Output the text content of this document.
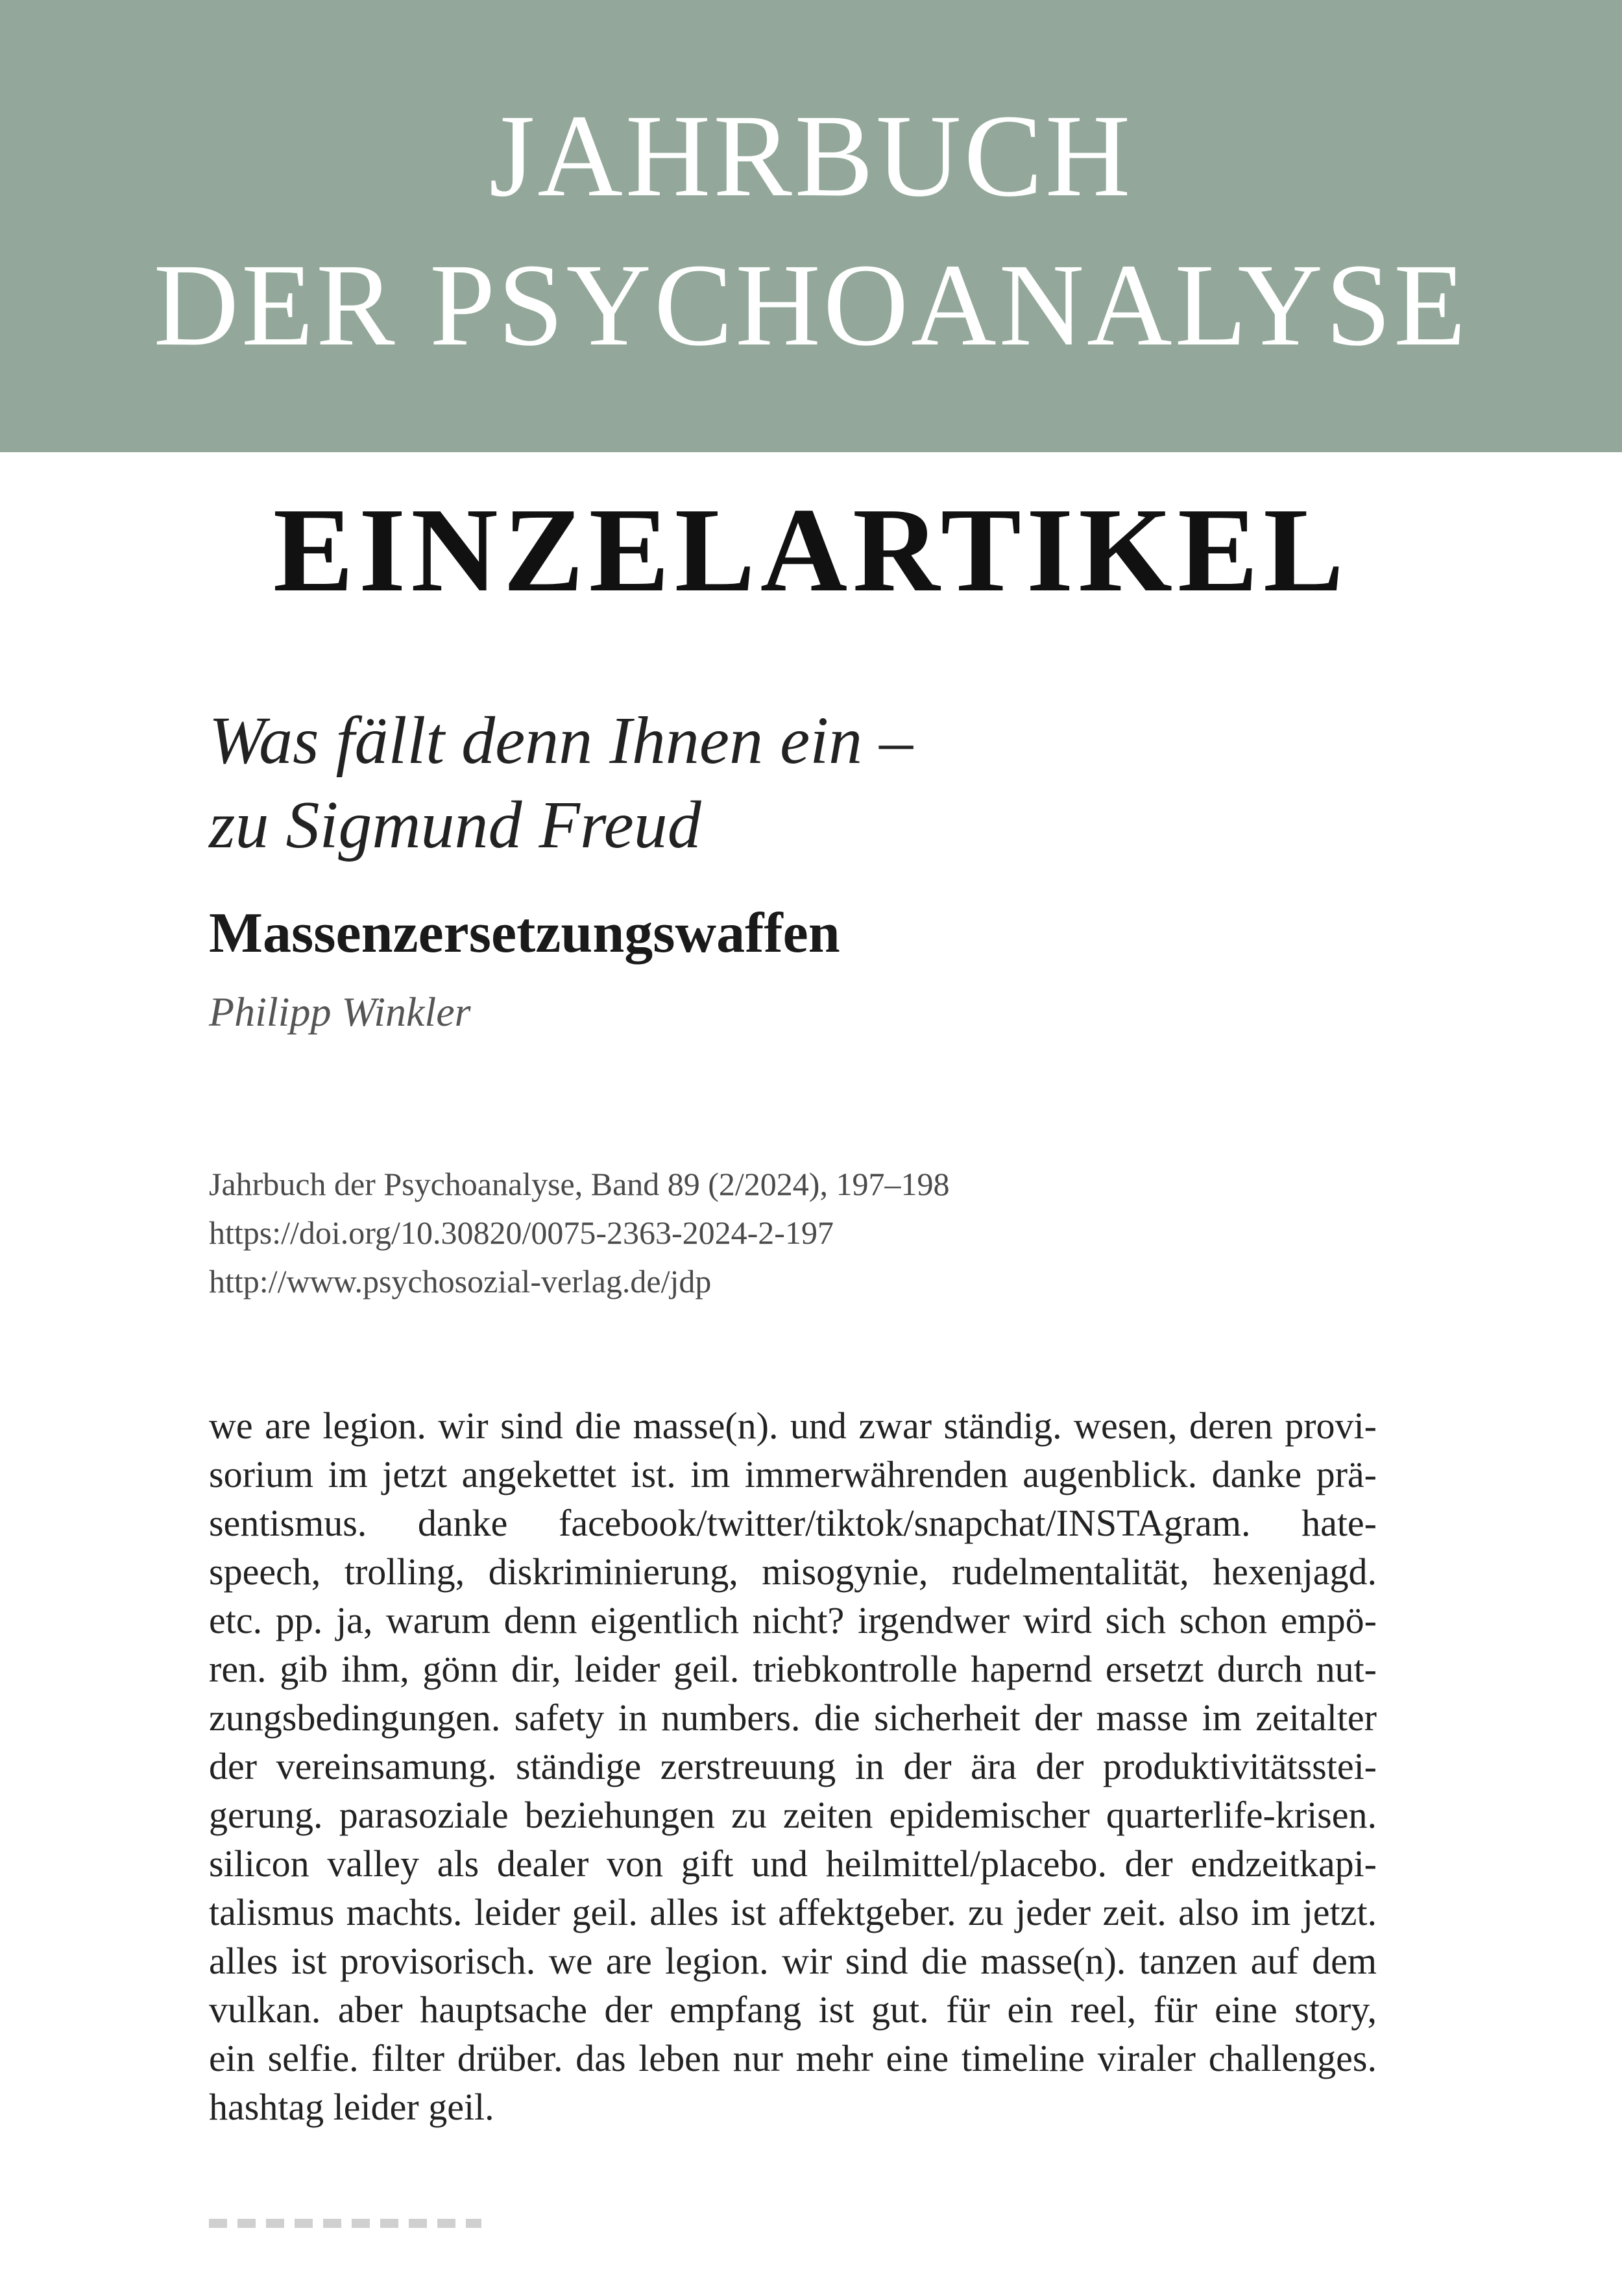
JAHRBUCH
DER PSYCHOANALYSE
EINZELARTIKEL
Was fällt denn Ihnen ein –
zu Sigmund Freud
Massenzersetzungswaffen
Philipp Winkler
Jahrbuch der Psychoanalyse, Band 89 (2/2024), 197–198
https://doi.org/10.30820/0075-2363-2024-2-197
http://www.psychosozial-verlag.de/jdp
we are legion. wir sind die masse(n). und zwar ständig. wesen, deren provi-
sorium im jetzt angekettet ist. im immerwährenden augenblick. danke prä-
sentismus. danke facebook/twitter/tiktok/snapchat/INSTAgram. hate-
speech, trolling, diskriminierung, misogynie, rudelmentalität, hexenjagd.
etc. pp. ja, warum denn eigentlich nicht? irgendwer wird sich schon empö-
ren. gib ihm, gönn dir, leider geil. triebkontrolle hapernd ersetzt durch nut-
zungsbedingungen. safety in numbers. die sicherheit der masse im zeitalter
der vereinsamung. ständige zerstreuung in der ära der produktivitätsstei-
gerung. parasoziale beziehungen zu zeiten epidemischer quarterlife-krisen.
silicon valley als dealer von gift und heilmittel/placebo. der endzeitkapi-
talismus machts. leider geil. alles ist affektgeber. zu jeder zeit. also im jetzt.
alles ist provisorisch. we are legion. wir sind die masse(n). tanzen auf dem
vulkan. aber hauptsache der empfang ist gut. für ein reel, für eine story,
ein selfie. filter drüber. das leben nur mehr eine timeline viraler challenges.
hashtag leider geil.
